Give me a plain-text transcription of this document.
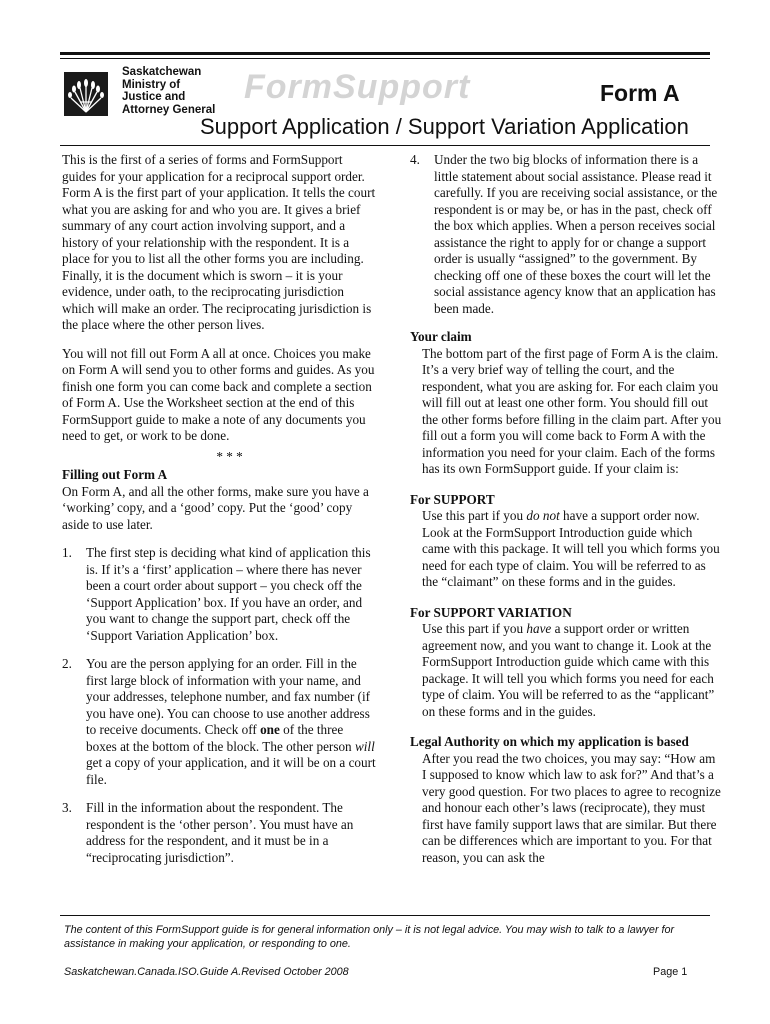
Saskatchewan
Ministry of
Justice and
Attorney General
FormSupport	Form A
Support Application / Support Variation Application

This is the first of a series of forms and FormSupport guides for your application for a reciprocal support order. Form A is the first part of your application. It tells the court what you are asking for and who you are. It gives a brief summary of any court action involving support, and a history of your relationship with the respondent. It is a place for you to list all the other forms you are including. Finally, it is the document which is sworn – it is your evidence, under oath, to the reciprocating jurisdiction which will make an order. The reciprocating jurisdiction is the place where the other person lives.

You will not fill out Form A all at once. Choices you make on Form A will send you to other forms and guides. As you finish one form you can come back and complete a section of Form A. Use the Worksheet section at the end of this FormSupport guide to make a note of any documents you need to get, or work to be done.

* * *
Filling out Form A

On Form A, and all the other forms, make sure you have a ‘working’ copy, and a ‘good’ copy. Put the ‘good’ copy aside to use later.

1.	The first step is deciding what kind of application this is. If it’s a ‘first’ application – where there has never been a court order about support – you check off the ‘Support Application’ box. If you have an order, and you want to change the support part, check off the ‘Support Variation Application’ box.
2.	You are the person applying for an order. Fill in the first large block of information with your name, and your addresses, telephone number, and fax number (if you have one). You can choose to use another address to receive documents. Check off one of the three boxes at the bottom of the block. The other person will get a copy of your application, and it will be on a court file.
3.	Fill in the information about the respondent. The respondent is the ‘other person’. You must have an address for the respondent, and it must be in a “reciprocating jurisdiction”.
4.	Under the two big blocks of information there is a little statement about social assistance. Please read it carefully. If you are receiving social assistance, or the respondent is or may be, or has in the past, check off the box which applies. When a person receives social assistance the right to apply for or change a support order is usually “assigned” to the government. By checking off one of these boxes the court will let the social assistance agency know that an application has been made.
Your claim

The bottom part of the first page of Form A is the claim. It’s a very brief way of telling the court, and the respondent, what you are asking for. For each claim you will fill out at least one other form. You should fill out the other forms before filling in the claim part. After you fill out a form you will come back to Form A with the information you need for your claim. Each of the forms has its own FormSupport guide. If your claim is:

For SUPPORT

Use this part if you do not have a support order now. Look at the FormSupport Introduction guide which came with this package. It will tell you which forms you need for each type of claim. You will be referred to as the “claimant” on these forms and in the guides.

For SUPPORT VARIATION

Use this part if you have a support order or written agreement now, and you want to change it. Look at the FormSupport Introduction guide which came with this package. It will tell you which forms you need for each type of claim. You will be referred to as the “applicant” on these forms and in the guides.

Legal Authority on which my application is based

After you read the two choices, you may say: “How am I supposed to know which law to ask for?” And that’s a very good question. For two places to agree to recognize and honour each other’s laws (reciprocate), they must first have family support laws that are similar. But there can be differences which are important to you. For that reason, you can ask the

The content of this FormSupport guide is for general information only – it is not legal advice. You may wish to talk to a lawyer for assistance in making your application, or responding to one.
Saskatchewan.Canada.ISO.Guide A.Revised October 2008	Page 1
